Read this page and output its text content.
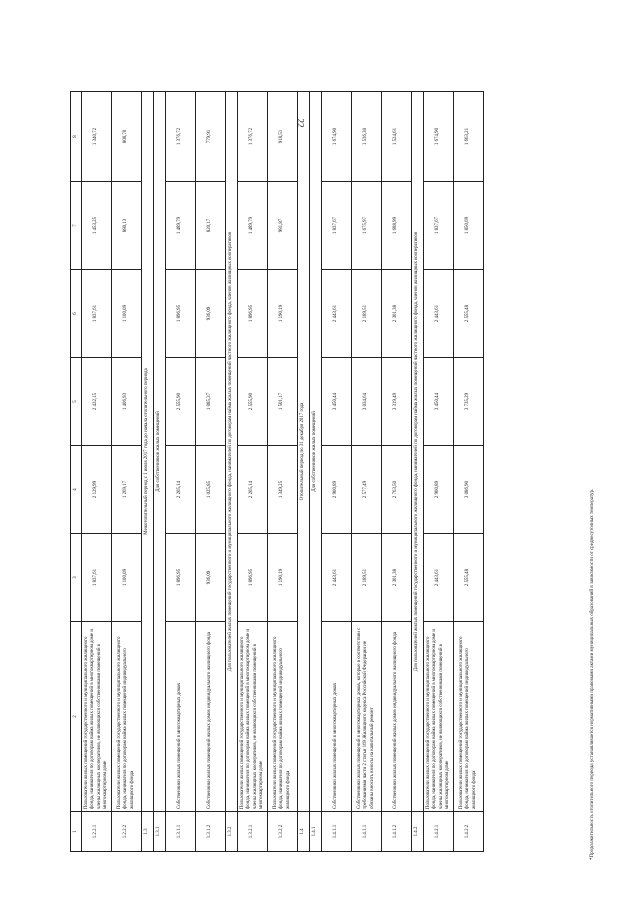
22
1	2	3	4	5	6	7	8
1.2.2.1	Пользователи жилых помещений государственного и муниципального жилищного фонда, нанимателя по договорам найма жилых помещений в многоквартирном доме и члены жилищных кооперативов, не являющихся собственниками помещений в многоквартирном доме	1 837,61	2 129,99	2 432,15	1 837,61	1 453,25	1 340,72
1.2.2.2	Пользователи жилых помещений государственного и муниципального жилищного фонда, нанимателя по договорам найма жилых помещений индивидуального жилищного фонда	1 100,09	1 269,17	1 406,93	1 100,09	880,13	808,70
1.3	Межотопительный период с 1 июля 2017 года до начала отопительного периода						
1.3.1	Для собственников жилых помещений						
1.3.1.1	Собственники жилых помещений в многоквартирных домах	1 896,95	2 205,14	2 555,90	1 896,95	1 489,79	1 376,72
1.3.1.2	Собственники жилых помещений жилых домов индивидуального жилищного фонда	936,09	1 025,85	1 085,37	936,09	820,17	779,91
1.3.2	Для пользователей жилых помещений государственного и муниципального жилищного фонда, нанимателей по договорам найма жилых помещений частного жилищного фонда, членов жилищных кооперативов						
1.3.2.1	Пользователи жилых помещений государственного и муниципального жилищного фонда, нанимателя по договорам найма жилых помещений в многоквартирном доме и члены жилищных кооперативов, не являющихся собственниками помещений в многоквартирном доме	1 896,95	2 205,14	2 555,90	1 896,95	1 489,79	1 376,72
1.3.2.2	Пользователи жилых помещений государственного и муниципального жилищного фонда, нанимателя по договорам найма жилых помещений индивидуального жилищного фонда	1 190,19	1 349,25	1 501,17	1 190,19	981,87	918,51
1.4	Отопительный период по 31 декабря 2017 года						
1.4.1	Для собственников жилых помещений						
1.4.1.1	Собственники жилых помещений в многоквартирных домах	2 443,61	2 900,89	3 450,44	2 443,61	1 837,67	1 674,90
1.4.1.1	Собственники жилых помещений в многоквартирных домах, которые в соответствии с требованиями части 2 статьи 169 Жилищного кодекса Российской Федерации не обязаны вносить взносы на капитальный ремонт	2 189,51	2 577,49	3 034,64	2 189,51	1 675,97	1 536,30
1.4.1.2	Собственники жилых помещений жилых домов индивидуального жилищного фонда	2 301,38	2 763,50	3 319,49	2 301,38	1 688,99	1 524,61
1.4.2	Для пользователей жилых помещений государственного и муниципального жилищного фонда, нанимателей по договорам найма жилых помещений частного жилищного фонда, членов жилищных кооперативов						
1.4.2.1	Пользователи жилых помещений государственного и муниципального жилищного фонда, нанимателя по договорам найма жилых помещений в многоквартирном доме и члены жилищных кооперативов, не являющихся собственниками помещений в многоквартирном доме	2 443,61	2 900,89	3 450,44	2 443,61	1 837,67	1 674,90
1.4.2.2	Пользователи жилых помещений государственного и муниципального жилищного фонда, нанимателя по договорам найма жилых помещений индивидуального жилищного фонда	2 555,48	3 086,90	3 735,29	2 555,48	1 850,69	1 663,21
*Продолжительность отопительного периода устанавливается нормативными правовыми актами муниципальных образований в зависимости от среднесуточных температур.
